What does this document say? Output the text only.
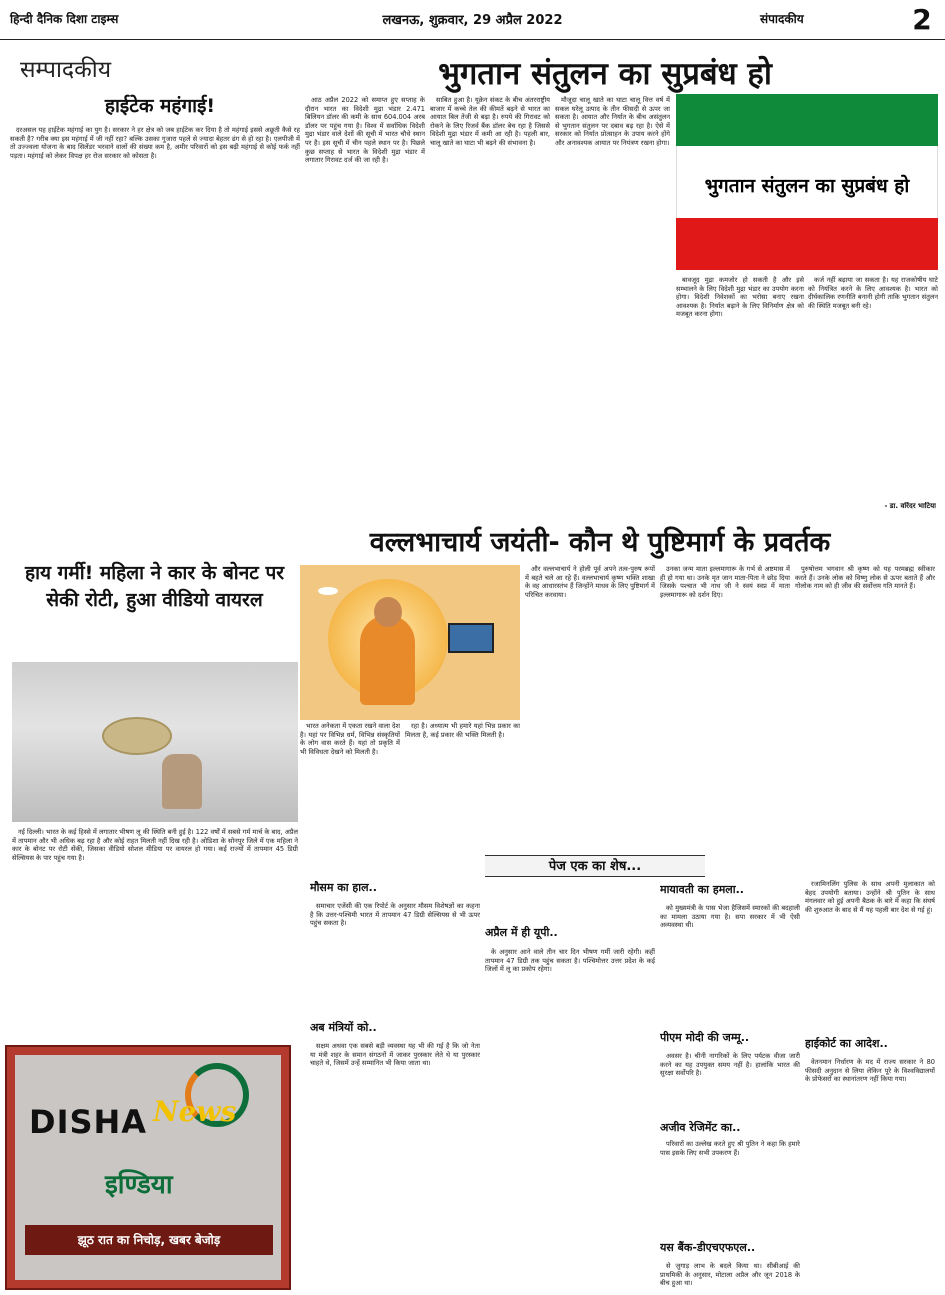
हिन्दी दैनिक दिशा टाइम्स	लखनऊ, शुक्रवार, 29 अप्रैल 2022	संपादकीय	2
सम्पादकीय
हाईटेक महंगाई!

दरअसल यह हाईटेक महंगाई का युग है। सरकार ने हर क्षेत्र को जब हाईटेक कर दिया है तो महंगाई इससे अछूती कैसे रह सकती है? गरीब क्या इस महंगाई में जी नहीं रहा? बल्कि उसका गुजारा पहले से ज्यादा बेहतर ढंग से हो रहा है। एलपीजी में तो उज्ज्वला योजना के बाद सिलेंडर भरवाने वालों की संख्या कम है, अमीर परिवारों को इस बढ़ी महंगाई से कोई फर्क नहीं पड़ता। महंगाई को लेकर विपक्ष हर रोज सरकार को कोसता है।

भुगतान संतुलन का सुप्रबंध हो

आठ अप्रैल 2022 को समाप्त हुए सप्ताह के दौरान भारत का विदेशी मुद्रा भंडार 2.471 बिलियन डॉलर की कमी के साथ 604.004 अरब डॉलर पर पहुंच गया है। विश्व में सर्वाधिक विदेशी मुद्रा भंडार वाले देशों की सूची में भारत चौथे स्थान पर है। इस सूची में चीन पहले स्थान पर है। पिछले कुछ सप्ताह से भारत के विदेशी मुद्रा भंडार में लगातार गिरावट दर्ज की जा रही है।

साबित हुआ है। यूक्रेन संकट के बीच अंतरराष्ट्रीय बाजार में कच्चे तेल की कीमतें बढ़ने से भारत का आयात बिल तेजी से बढ़ा है। रुपये की गिरावट को रोकने के लिए रिजर्व बैंक डॉलर बेच रहा है जिससे विदेशी मुद्रा भंडार में कमी आ रही है। पहली बार, चालू खाते का घाटा भी बढ़ने की संभावना है।

मौजूदा चालू खाते का घाटा चालू वित्त वर्ष में सकल घरेलू उत्पाद के तीन फीसदी से ऊपर जा सकता है। आयात और निर्यात के बीच असंतुलन से भुगतान संतुलन पर दबाव बढ़ रहा है। ऐसे में सरकार को निर्यात प्रोत्साहन के उपाय करने होंगे और अनावश्यक आयात पर नियंत्रण रखना होगा।

भुगतान संतुलन का सुप्रबंध हो

बावजूद मुद्रा कमजोर हो सकती है और इसे सम्भालने के लिए विदेशी मुद्रा भंडार का उपयोग करना होगा। विदेशी निवेशकों का भरोसा बनाए रखना आवश्यक है। निर्यात बढ़ाने के लिए विनिर्माण क्षेत्र को मजबूत करना होगा।

कर्ज नहीं बढ़ाया जा सकता है। यह राजकोषीय घाटे को नियंत्रित करने के लिए आवश्यक है। भारत को दीर्घकालिक रणनीति बनानी होगी ताकि भुगतान संतुलन की स्थिति मजबूत बनी रहे।

- डा. वरिंदर भाटिया
वल्लभाचार्य जयंती- कौन थे पुष्टिमार्ग के प्रवर्तक
हाय गर्मी! महिला ने कार के बोनट पर सेकी रोटी, हुआ वीडियो वायरल

नई दिल्ली। भारत के कई हिस्से में लगातार भीषण लू की स्थिति बनी हुई है। 122 वर्षों में सबसे गर्म मार्च के बाद, अप्रैल में तापमान और भी अधिक बढ़ रहा है और कोई राहत मिलती नहीं दिख रही है। ओडिशा के सोनपुर जिले में एक महिला ने कार के बोनट पर रोटी सेंकी, जिसका वीडियो सोशल मीडिया पर वायरल हो गया। कई राज्यों में तापमान 45 डिग्री सेल्सियस के पार पहुंच गया है।

भारत अनेकता में एकता रखने वाला देश है। यहां पर विभिन्न धर्म, विभिन्न संस्कृतियों के लोग वास करते हैं। यहां तो प्रकृति में भी विविधता देखने को मिलती है।

रहा है। अध्यात्म भी हमारे यहां भिन्न प्रकार का मिलता है, कई प्रकार की भक्ति मिलती है।

और वल्लभाचार्य ने होली पूर्व अपने तत्व-पुरुष रूपों में बहते चले आ रहे हैं। वल्लभाचार्य कृष्ण भक्ति शाखा के वह आधारस्तंभ हैं जिन्होंने माधव के लिए पुष्टिमार्ग में परिचित करवाया।

उनका जन्म माता इल्लमागारू के गर्भ से अष्टमास में ही हो गया था। उनके मृत जान माता-पिता ने छोड़ दिया जिसके पश्चात भी नाथ जी ने स्वयं स्वप्न में माता इल्लमागारू को दर्शन दिए।

पुरुषोत्तम भगवान श्री कृष्ण को यह परमब्रह्म स्वीकार करते हैं। उनके लोक को विष्णु लोक से ऊपर बताते हैं और गोलोक नाम को ही जीव की सर्वोत्तम गति मानते हैं।

पेज एक का शेष...
मौसम का हाल..

समाचार एजेंसी की एक रिपोर्ट के अनुसार मौसम विशेषज्ञों का कहना है कि उत्तर-पश्चिमी भारत में तापमान 47 डिग्री सेल्सियस से भी ऊपर पहुंच सकता है।

अब मंत्रियों को..

सक्षम अथवा एक सबसे बड़ी व्यवस्था यह भी की गई है कि जो नेता या मंत्री शहर के समान संगठनों में जाकर पुरस्कार लेते थे या पुरस्कार चाहते थे, जिसमें उन्हें सम्मानित भी किया जाता था।

अप्रैल में ही यूपी..

के अनुसार आने वाले तीन चार दिन भीषण गर्मी जारी रहेगी। कहीं तापमान 47 डिग्री तक पहुंच सकता है। पश्चिमोत्तर उत्तर प्रदेश के कई जिलों में लू का प्रकोप रहेगा।

मायावती का हमला..

को मुख्यमंत्री के पास भेजा हैजिसमें स्मारकों की बदहाली का मामला उठाया गया है। सपा सरकार में भी ऐसी अव्यवस्था थी।

पीएम मोदी की जम्मू..

अवसर है। चीनी नागरिकों के लिए पर्यटक वीजा जारी करने का यह उपयुक्त समय नहीं है। हालांकि भारत की सुरक्षा सर्वोपरि है।

यस बैंक-डीएचएफएल..

से जुगाड़ लाभ के बदले किया था। सीबीआई की प्राथमिकी के अनुसार, मोटाला अप्रैल और जून 2018 के बीच हुआ था।

रजामिनलिंग पुलिस के साथ अपनी मुलाकात को बेहद उपयोगी बताया। उन्होंने श्री पुतिन के साथ मंगलवार को हुई अपनी बैठक के बारे में कहा कि संघर्ष की शुरुआत के बाद से मैं यह पहली बार देश से गई हूं।

हाईकोर्ट का आदेश..

वेतनमान निर्धारण के मद में राज्य सरकार ने 80 फीसदी अनुदान से लिया लेकिन पूरे के विश्वविद्यालयों के प्रोफेसरों का स्थानांतरण नहीं किया गया।

अजीव रेजिमेंट का..

परिवारों का उल्लेख करते हुए श्री पुतिन ने कहा कि हमारे पास इसके लिए सभी उपकरण हैं।

DISHA News
इण्डिया
झूठ रात का निचोड़, खबर बेजोड़
